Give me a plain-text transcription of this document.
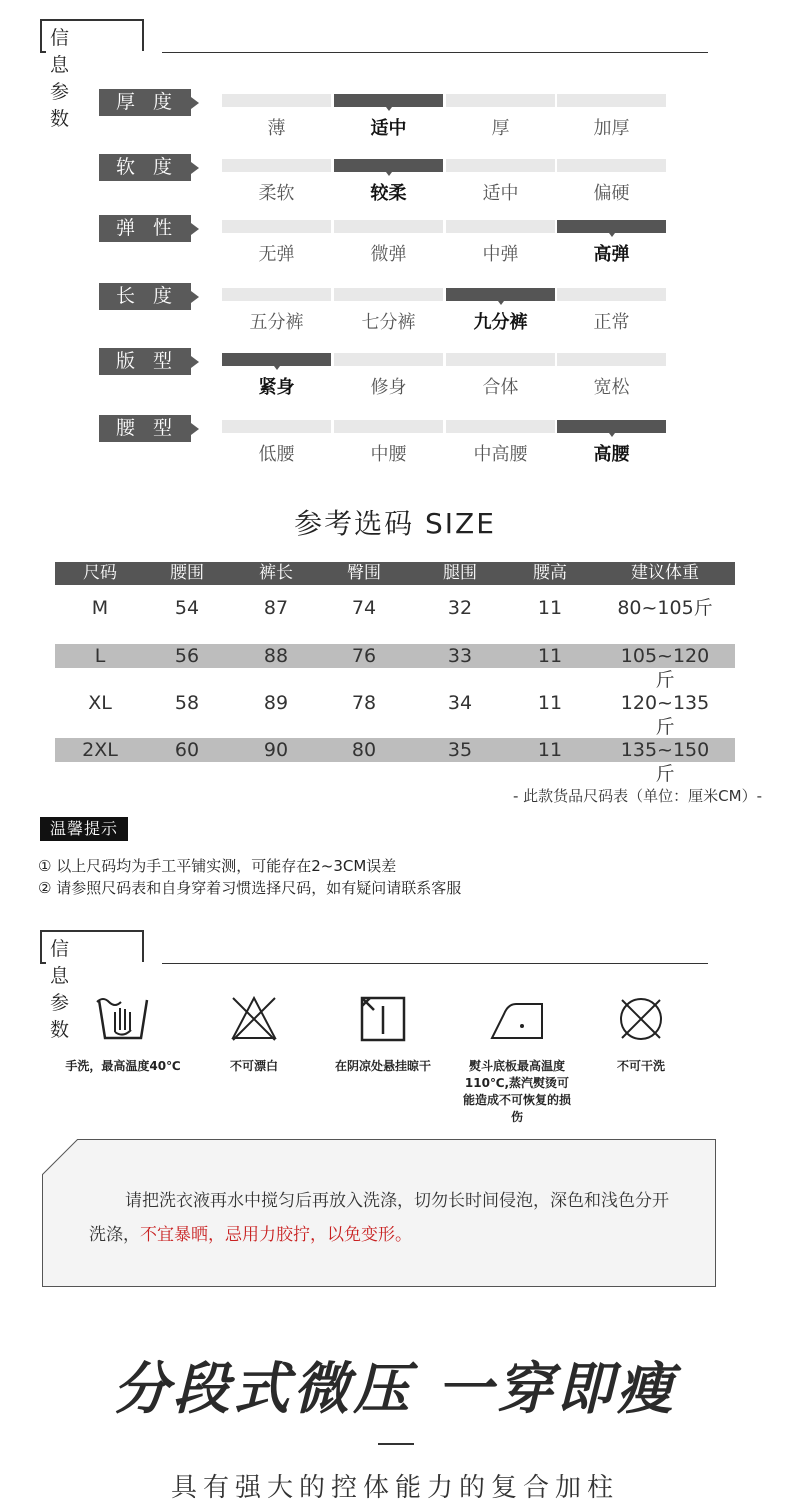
信息参数
厚 度
薄	适中	厚	加厚
软 度
柔软	较柔	适中	偏硬
弹 性
无弹	微弹	中弹	高弹
长 度
五分裤	七分裤	九分裤	正常
版 型
紧身	修身	合体	宽松
腰 型
低腰	中腰	中高腰	高腰
参考选码 SIZE
尺码	腰围	裤长	臀围	腿围	腰高	建议体重
M	54	87	74	32	11	80~105斤
L	56	88	76	33	11	105~120斤
XL	58	89	78	34	11	120~135斤
2XL	60	90	80	35	11	135~150斤
- 此款货品尺码表（单位：厘米CM）-
温馨提示
① 以上尺码均为手工平铺实测，可能存在2~3CM误差
② 请参照尺码表和自身穿着习惯选择尺码，如有疑问请联系客服
信息参数
手洗，最高温度40℃	不可漂白	在阴凉处悬挂晾干	熨斗底板最高温度110℃,蒸汽熨烫可能造成不可恢复的损伤
不可干洗
请把洗衣液再水中搅匀后再放入洗涤，切勿长时间侵泡，深色和浅色分开洗涤，不宜暴晒，忌用力胶拧，以免变形。
分段式微压 一穿即瘦
具有强大的控体能力的复合加柱
